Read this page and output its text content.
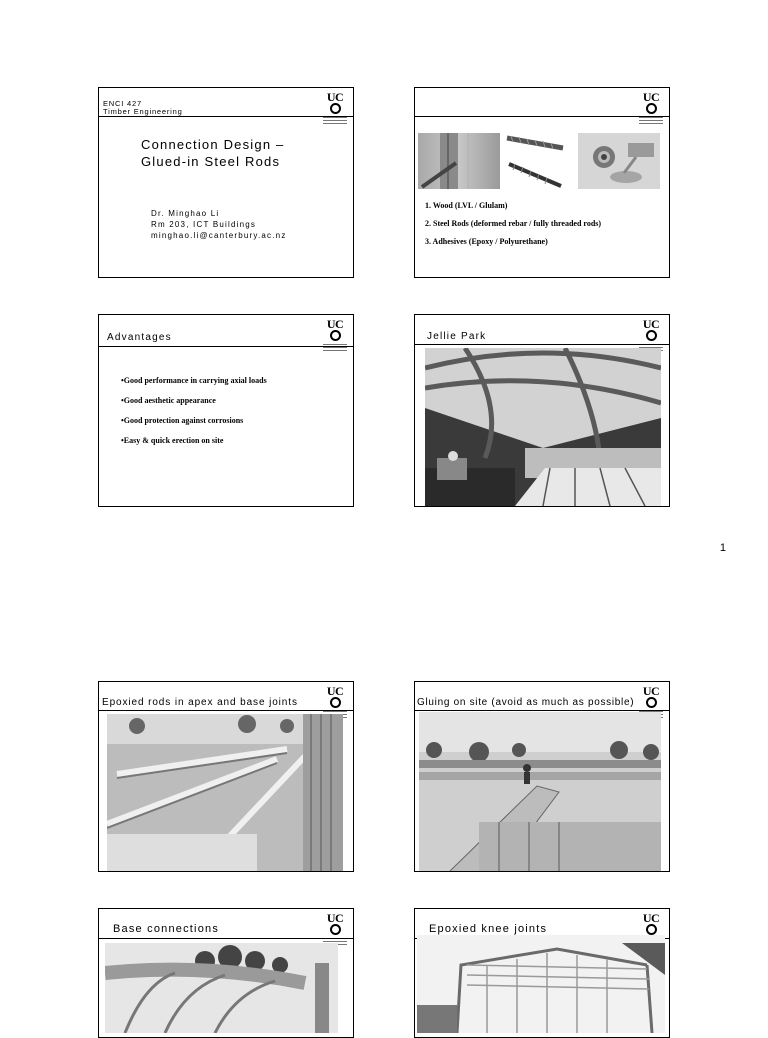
UC
ENCI 427
Timber Engineering
Connection Design –
Glued-in Steel Rods
Dr. Minghao Li
Rm 203, ICT Buildings
minghao.li@canterbury.ac.nz
UC
1. Wood (LVL / Glulam)
2. Steel Rods (deformed rebar / fully threaded rods)
3. Adhesives (Epoxy / Polyurethane)
UC
Advantages
•Good performance in carrying axial loads
•Good aesthetic appearance
•Good protection against corrosions
•Easy & quick erection on site
UC
Jellie Park
1
UC
Epoxied rods in apex and base joints
UC
Gluing on site (avoid as much as possible)
UC
Base connections
UC
Epoxied knee joints
